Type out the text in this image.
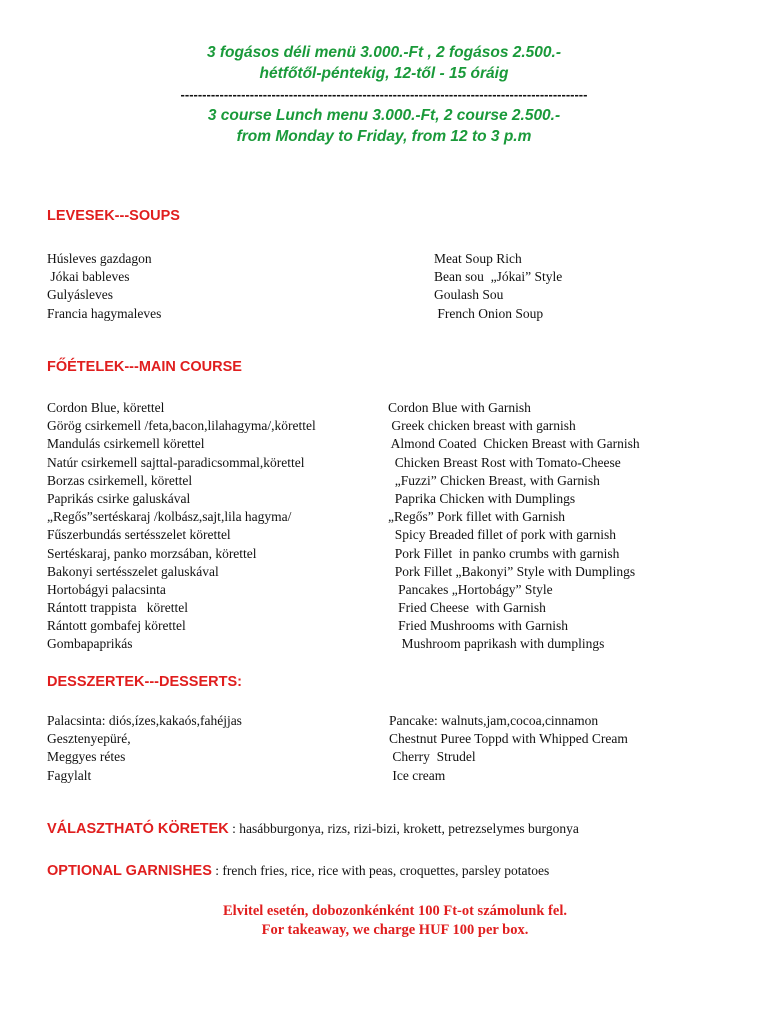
3 fogásos déli menü 3.000.-Ft , 2 fogásos 2.500.-
hétfőtől-péntekig, 12-től - 15 óráig
----------------------------------------------------------------------------------------------
3 course Lunch menu 3.000.-Ft, 2 course 2.500.-
from Monday to Friday, from 12 to 3 p.m
LEVESEK---SOUPS
Húsleves gazdagon	Meat Soup Rich
Jókai bableves	Bean sou  „Jókai” Style
Gulyásleves	Goulash Sou
Francia hagymaleves	French Onion Soup
FŐÉTELEK---MAIN COURSE
Cordon Blue, körettel	Cordon Blue with Garnish
Görög csirkemell /feta,bacon,lilahagyma/,körettel	Greek chicken breast with garnish
Mandulás csirkemell körettel	Almond Coated  Chicken Breast with Garnish
Natúr csirkemell sajttal-paradicsommal,körettel	Chicken Breast Rost with Tomato-Cheese
Borzas csirkemell, körettel	„Fuzzi” Chicken Breast, with Garnish
Paprikás csirke galuskával	Paprika Chicken with Dumplings
„Regős”sertéskaraj /kolbász,sajt,lila hagyma/	„Regős” Pork fillet with Garnish
Fűszerbundás sertésszelet körettel	Spicy Breaded fillet of pork with garnish
Sertéskaraj, panko morzsában, körettel	Pork Fillet  in panko crumbs with garnish
Bakonyi sertésszelet galuskával	Pork Fillet „Bakonyi” Style with Dumplings
Hortobágyi palacsinta	Pancakes „Hortobágy” Style
Rántott trappista   körettel	Fried Cheese  with Garnish
Rántott gombafej körettel	Fried Mushrooms with Garnish
Gombapaprikás	Mushroom paprikash with dumplings
DESSZERTEK---DESSERTS:
Palacsinta: diós,ízes,kakaós,fahéjjas	Pancake: walnuts,jam,cocoa,cinnamon
Gesztenyepüré,	Chestnut Puree Toppd with Whipped Cream
Meggyes rétes	Cherry  Strudel
Fagylalt	Ice cream
VÁLASZTHATÓ KÖRETEK : hasábburgonya, rizs, rizi-bizi, krokett, petrezselymes burgonya
OPTIONAL GARNISHES : french fries, rice, rice with peas, croquettes, parsley potatoes
Elvitel esetén, dobozonkénként 100 Ft-ot számolunk fel.
For takeaway, we charge HUF 100 per box.
